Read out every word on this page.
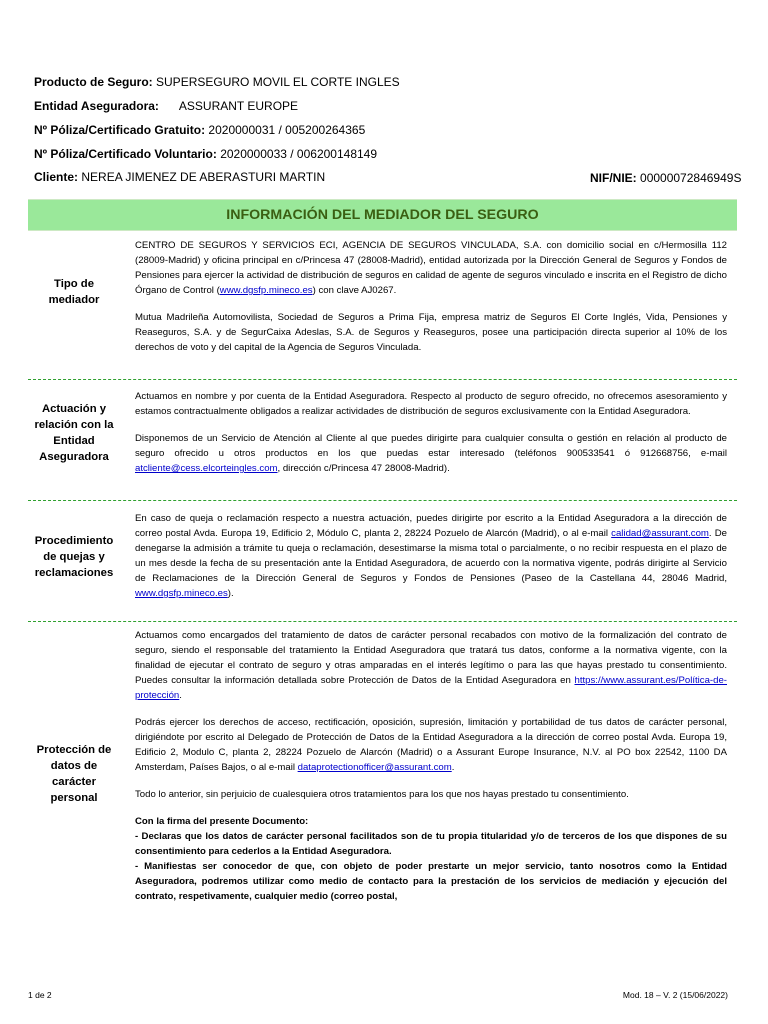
Producto de Seguro: SUPERSEGURO MOVIL EL CORTE INGLES
Entidad Aseguradora: ASSURANT EUROPE
Nº Póliza/Certificado Gratuito: 2020000031 / 005200264365
Nº Póliza/Certificado Voluntario: 2020000033 / 006200148149
Cliente: NEREA JIMENEZ DE ABERASTURI MARTIN	NIF/NIE: 00000072846949S
INFORMACIÓN DEL MEDIADOR DEL SEGURO
Tipo de mediador

CENTRO DE SEGUROS Y SERVICIOS ECI, AGENCIA DE SEGUROS VINCULADA, S.A. con domicilio social en c/Hermosilla 112 (28009-Madrid) y oficina principal en c/Princesa 47 (28008-Madrid), entidad autorizada por la Dirección General de Seguros y Fondos de Pensiones para ejercer la actividad de distribución de seguros en calidad de agente de seguros vinculado e inscrita en el Registro de dicho Órgano de Control (www.dgsfp.mineco.es) con clave AJ0267.

Mutua Madrileña Automovilista, Sociedad de Seguros a Prima Fija, empresa matriz de Seguros El Corte Inglés, Vida, Pensiones y Reaseguros, S.A. y de SegurCaixa Adeslas, S.A. de Seguros y Reaseguros, posee una participación directa superior al 10% de los derechos de voto y del capital de la Agencia de Seguros Vinculada.

Actuación y relación con la Entidad Aseguradora

Actuamos en nombre y por cuenta de la Entidad Aseguradora. Respecto al producto de seguro ofrecido, no ofrecemos asesoramiento y estamos contractualmente obligados a realizar actividades de distribución de seguros exclusivamente con la Entidad Aseguradora.

Disponemos de un Servicio de Atención al Cliente al que puedes dirigirte para cualquier consulta o gestión en relación al producto de seguro ofrecido u otros productos en los que puedas estar interesado (teléfonos 900533541 ó 912668756, e-mail atcliente@cess.elcorteingles.com, dirección c/Princesa 47 28008-Madrid).

Procedimiento de quejas y reclamaciones

En caso de queja o reclamación respecto a nuestra actuación, puedes dirigirte por escrito a la Entidad Aseguradora a la dirección de correo postal Avda. Europa 19, Edificio 2, Módulo C, planta 2, 28224 Pozuelo de Alarcón (Madrid), o al e-mail calidad@assurant.com. De denegarse la admisión a trámite tu queja o reclamación, desestimarse la misma total o parcialmente, o no recibir respuesta en el plazo de un mes desde la fecha de su presentación ante la Entidad Aseguradora, de acuerdo con la normativa vigente, podrás dirigirte al Servicio de Reclamaciones de la Dirección General de Seguros y Fondos de Pensiones (Paseo de la Castellana 44, 28046 Madrid, www.dgsfp.mineco.es).

Protección de datos de carácter personal

Actuamos como encargados del tratamiento de datos de carácter personal recabados con motivo de la formalización del contrato de seguro, siendo el responsable del tratamiento la Entidad Aseguradora que tratará tus datos, conforme a la normativa vigente, con la finalidad de ejecutar el contrato de seguro y otras amparadas en el interés legítimo o para las que hayas prestado tu consentimiento. Puedes consultar la información detallada sobre Protección de Datos de la Entidad Aseguradora en https://www.assurant.es/Política-de-protección.

Podrás ejercer los derechos de acceso, rectificación, oposición, supresión, limitación y portabilidad de tus datos de carácter personal, dirigiéndote por escrito al Delegado de Protección de Datos de la Entidad Aseguradora a la dirección de correo postal Avda. Europa 19, Edificio 2, Modulo C, planta 2, 28224 Pozuelo de Alarcón (Madrid) o a Assurant Europe Insurance, N.V. al PO box 22542, 1100 DA Amsterdam, Países Bajos, o al e-mail dataprotectionofficer@assurant.com.

Todo lo anterior, sin perjuicio de cualesquiera otros tratamientos para los que nos hayas prestado tu consentimiento.

Con la firma del presente Documento:
- Declaras que los datos de carácter personal facilitados son de tu propia titularidad y/o de terceros de los que dispones de su consentimiento para cederlos a la Entidad Aseguradora.
- Manifiestas ser conocedor de que, con objeto de poder prestarte un mejor servicio, tanto nosotros como la Entidad Aseguradora, podremos utilizar como medio de contacto para la prestación de los servicios de mediación y ejecución del contrato, respetivamente, cualquier medio (correo postal,
1 de 2	Mod. 18 – V. 2 (15/06/2022)
